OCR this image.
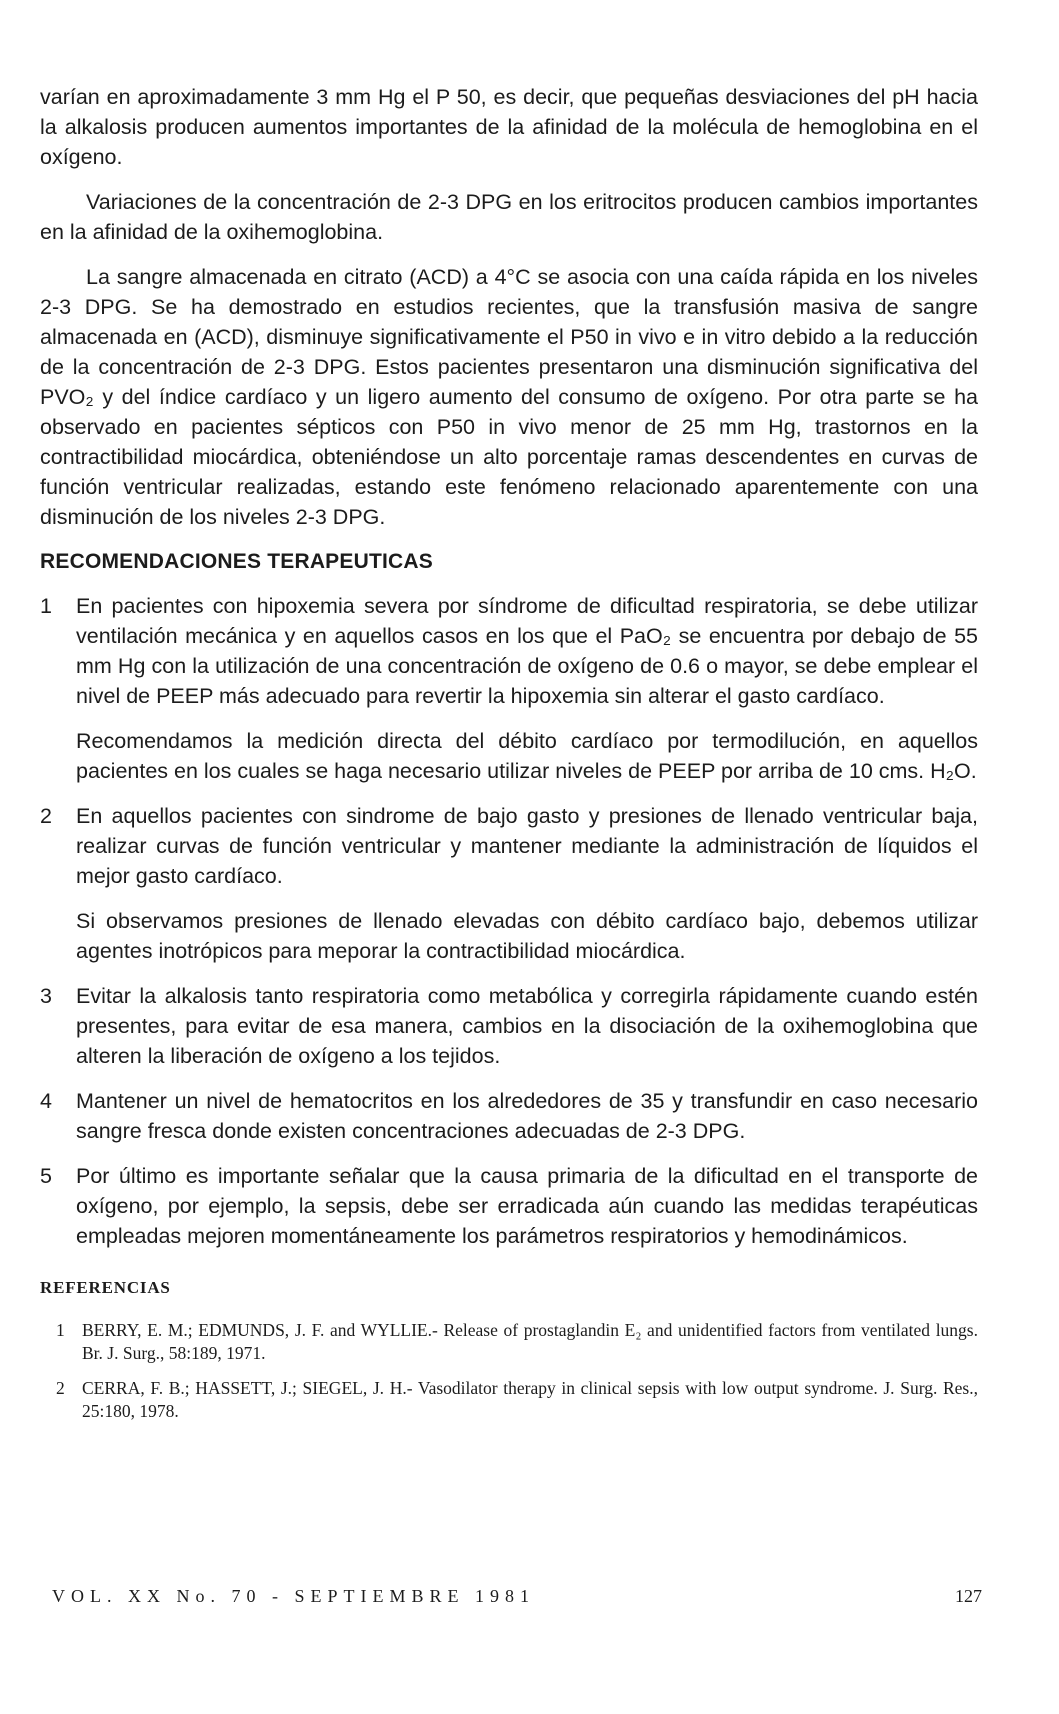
varían en aproximadamente 3 mm Hg el P 50, es decir, que pequeñas desviaciones del pH hacia la alkalosis producen aumentos importantes de la afinidad de la molécula de hemoglobina en el oxígeno.

Variaciones de la concentración de 2-3 DPG en los eritrocitos producen cambios importantes en la afinidad de la oxihemoglobina.

La sangre almacenada en citrato (ACD) a 4°C se asocia con una caída rápida en los niveles 2-3 DPG. Se ha demostrado en estudios recientes, que la transfusión masiva de sangre almacenada en (ACD), disminuye significativamente el P50 in vivo e in vitro debido a la reducción de la concentración de 2-3 DPG. Estos pacientes presentaron una disminución significativa del PVO₂ y del índice cardíaco y un ligero aumento del consumo de oxígeno. Por otra parte se ha observado en pacientes sépticos con P50 in vivo menor de 25 mm Hg, trastornos en la contractibilidad miocárdica, obteniéndose un alto porcentaje ramas descendentes en curvas de función ventricular realizadas, estando este fenómeno relacionado aparentemente con una disminución de los niveles 2-3 DPG.

RECOMENDACIONES TERAPEUTICAS
1 En pacientes con hipoxemia severa por síndrome de dificultad respiratoria, se debe utilizar ventilación mecánica y en aquellos casos en los que el PaO₂ se encuentra por debajo de 55 mm Hg con la utilización de una concentración de oxígeno de 0.6 o mayor, se debe emplear el nivel de PEEP más adecuado para revertir la hipoxemia sin alterar el gasto cardíaco.

Recomendamos la medición directa del débito cardíaco por termodilución, en aquellos pacientes en los cuales se haga necesario utilizar niveles de PEEP por arriba de 10 cms. H₂O.

2 En aquellos pacientes con sindrome de bajo gasto y presiones de llenado ventricular baja, realizar curvas de función ventricular y mantener mediante la administración de líquidos el mejor gasto cardíaco.

Si observamos presiones de llenado elevadas con débito cardíaco bajo, debemos utilizar agentes inotrópicos para meporar la contractibilidad miocárdica.

3 Evitar la alkalosis tanto respiratoria como metabólica y corregirla rápidamente cuando estén presentes, para evitar de esa manera, cambios en la disociación de la oxihemoglobina que alteren la liberación de oxígeno a los tejidos.

4 Mantener un nivel de hematocritos en los alrededores de 35 y transfundir en caso necesario sangre fresca donde existen concentraciones adecuadas de 2-3 DPG.

5 Por último es importante señalar que la causa primaria de la dificultad en el transporte de oxígeno, por ejemplo, la sepsis, debe ser erradicada aún cuando las medidas terapéuticas empleadas mejoren momentáneamente los parámetros respiratorios y hemodinámicos.

REFERENCIAS
1 BERRY, E. M.; EDMUNDS, J. F. and WYLLIE.- Release of prostaglandin E₂ and unidentified factors from ventilated lungs. Br. J. Surg., 58:189, 1971.

2 CERRA, F. B.; HASSETT, J.; SIEGEL, J. H.- Vasodilator therapy in clinical sepsis with low output syndrome. J. Surg. Res., 25:180, 1978.

VOL. XX No. 70 - SEPTIEMBRE 1981	127
